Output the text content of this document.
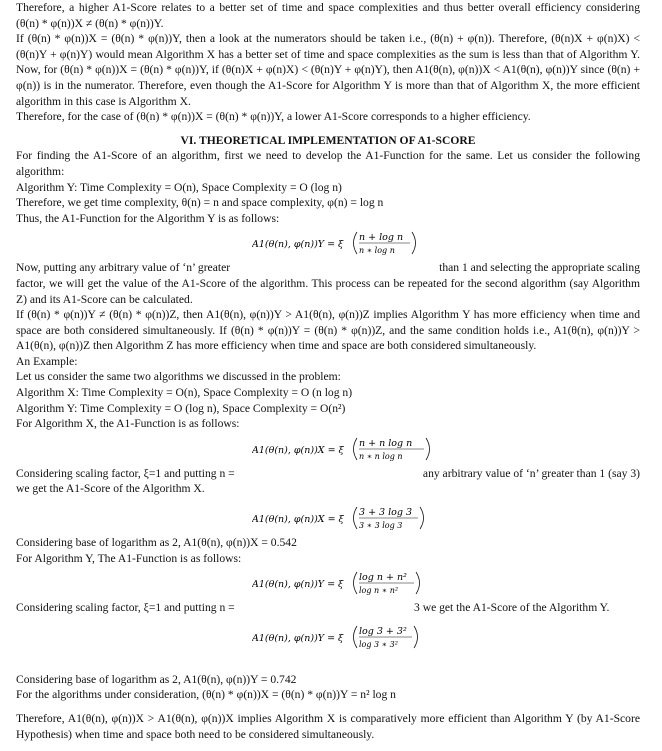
Therefore, a higher A1-Score relates to a better set of time and space complexities and thus better overall efficiency considering
(θ(n) * φ(n))X ≠ (θ(n) * φ(n))Y.
If (θ(n) * φ(n))X = (θ(n) * φ(n))Y, then a look at the numerators should be taken i.e., (θ(n) + φ(n)). Therefore, (θ(n)X + φ(n)X) <
(θ(n)Y + φ(n)Y) would mean Algorithm X has a better set of time and space complexities as the sum is less than that of Algorithm Y.
Now, for (θ(n) * φ(n))X = (θ(n) * φ(n))Y, if (θ(n)X + φ(n)X) < (θ(n)Y + φ(n)Y), then A1(θ(n), φ(n))X < A1(θ(n), φ(n))Y since (θ(n) +
φ(n)) is in the numerator. Therefore, even though the A1-Score for Algorithm Y is more than that of Algorithm X, the more efficient
algorithm in this case is Algorithm X.
Therefore, for the case of (θ(n) * φ(n))X = (θ(n) * φ(n))Y, a lower A1-Score corresponds to a higher efficiency.
VI. THEORETICAL IMPLEMENTATION OF A1-SCORE
For finding the A1-Score of an algorithm, first we need to develop the A1-Function for the same. Let us consider the following
algorithm:
Algorithm Y: Time Complexity = O(n), Space Complexity = O (log n)
Therefore, we get time complexity, θ(n) = n and space complexity, φ(n) = log n
Thus, the A1-Function for the Algorithm Y is as follows:
A1(θ(n), φ(n))Y = ξ
n + log n
n ∗ log n
Now, putting any arbitrary value of ‘n’ greater	than 1 and selecting the appropriate scaling
factor, we will get the value of the A1-Score of the algorithm. This process can be repeated for the second algorithm (say Algorithm
Z) and its A1-Score can be calculated.
If (θ(n) * φ(n))Y ≠ (θ(n) * φ(n))Z, then A1(θ(n), φ(n))Y > A1(θ(n), φ(n))Z implies Algorithm Y has more efficiency when time and
space are both considered simultaneously. If (θ(n) * φ(n))Y = (θ(n) * φ(n))Z, and the same condition holds i.e., A1(θ(n), φ(n))Y >
A1(θ(n), φ(n))Z then Algorithm Z has more efficiency when time and space are both considered simultaneously.
An Example:
Let us consider the same two algorithms we discussed in the problem:
Algorithm X: Time Complexity = O(n), Space Complexity = O (n log n)
Algorithm Y: Time Complexity = O (log n), Space Complexity = O(n²)
For Algorithm X, the A1-Function is as follows:
A1(θ(n), φ(n))X = ξ
n + n log n
n ∗ n log n
Considering scaling factor, ξ=1 and putting n =	any arbitrary value of ‘n’ greater than 1 (say 3)
we get the A1-Score of the Algorithm X.
A1(θ(n), φ(n))X = ξ
3 + 3 log 3
3 ∗ 3 log 3
Considering base of logarithm as 2, A1(θ(n), φ(n))X = 0.542
For Algorithm Y, The A1-Function is as follows:
A1(θ(n), φ(n))Y = ξ
log n + n²
log n ∗ n²
Considering scaling factor, ξ=1 and putting n =	3 we get the A1-Score of the Algorithm Y.
A1(θ(n), φ(n))Y = ξ
log 3 + 3²
log 3 ∗ 3²
Considering base of logarithm as 2, A1(θ(n), φ(n))Y = 0.742
For the algorithms under consideration, (θ(n) * φ(n))X = (θ(n) * φ(n))Y = n² log n
Therefore, A1(θ(n), φ(n))X > A1(θ(n), φ(n))X implies Algorithm X is comparatively more efficient than Algorithm Y (by A1-Score
Hypothesis) when time and space both need to be considered simultaneously.
